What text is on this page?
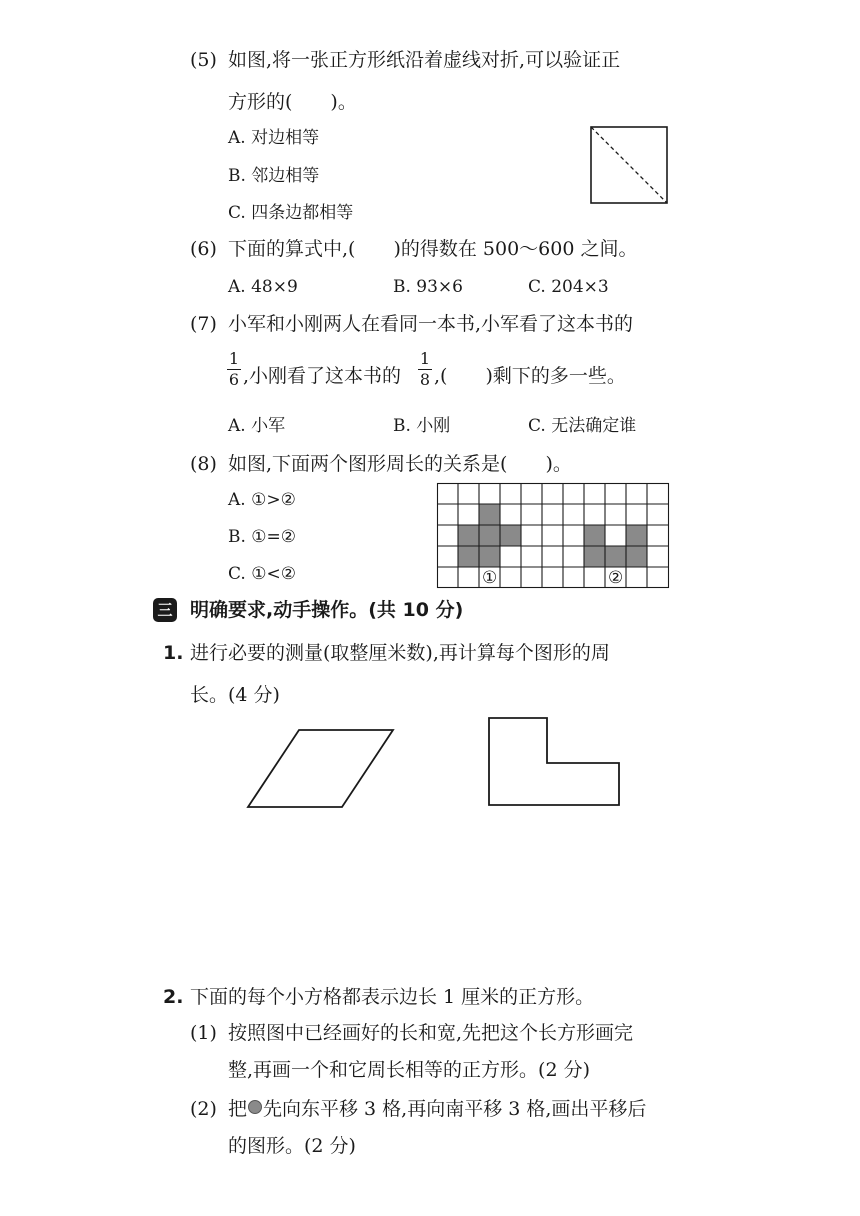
(5) 如图,将一张正方形纸沿着虚线对折,可以验证正
方形的(　　)。
A. 对边相等
B. 邻边相等
C. 四条边都相等
(6) 下面的算式中,(　　)的得数在 500～600 之间。
A. 48×9	B. 93×6	C. 204×3
(7) 小军和小刚两人在看同一本书,小军看了这本书的
1
6 ,小刚看了这本书的
1
8 ,(　　)剩下的多一些。
A. 小军	B. 小刚	C. 无法确定谁
(8) 如图,下面两个图形周长的关系是(　　)。
A. ①>②
B. ①=②
C. ①<②	①	②
三 明确要求,动手操作。(共 10 分)
1. 进行必要的测量(取整厘米数),再计算每个图形的周
长。(4 分)
2. 下面的每个小方格都表示边长 1 厘米的正方形。
(1) 按照图中已经画好的长和宽,先把这个长方形画完
整,再画一个和它周长相等的正方形。(2 分)
(2) 把 先向东平移 3 格,再向南平移 3 格,画出平移后
的图形。(2 分)
